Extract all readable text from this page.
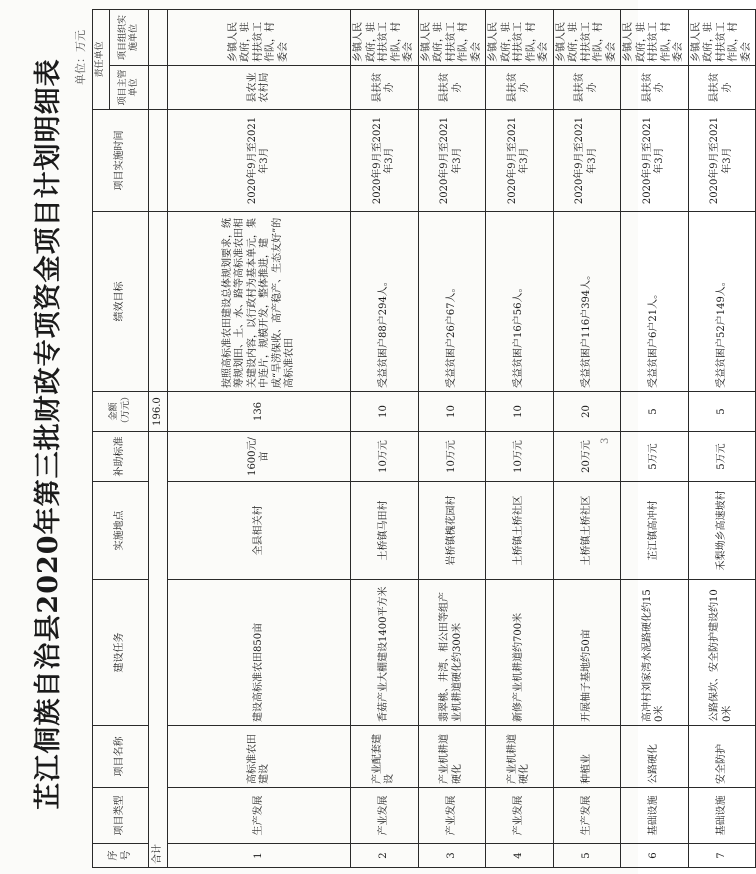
芷江侗族自治县2020年第三批财政专项资金项目计划明细表
单位：万元
序号	项目类型	项目名称	建设任务	实施地点	补助标准	金额（万元）	绩效目标	项目实施时间	责任单位	
									项目主管单位	项目组织实施单位
合计						196.0				
1	生产发展	高标准农田建设	建设高标准农田850亩	全县相关村	1600元/亩	136	按照高标准农田建设总体规划要求，统筹规划田、土、水、路等高标准农田相关建设内容，以行政村为基本单元，集中连片，规模开发，整体推进，建成“旱涝保收、高产稳产、生态友好”的高标准农田	2020年9月至2021年3月	县农业农村局	乡镇人民政府，驻村扶贫工作队，村委会
2	产业发展	产业配套建设	香菇产业大棚建设1400平方米	土桥镇马田村	10万元	10	受益贫困户88户294人。	2020年9月至2021年3月	县扶贫办	乡镇人民政府，驻村扶贫工作队，村委会
3	产业发展	产业机耕道硬化	翡翠桃、井湾、相公田等组产业机耕道硬化约300米	岩桥镇槐花园村	10万元	10	受益贫困户26户67人。	2020年9月至2021年3月	县扶贫办	乡镇人民政府，驻村扶贫工作队，村委会
4	产业发展	产业机耕道硬化	新修产业机耕道约700米	土桥镇土桥社区	10万元	10	受益贫困户16户56人。	2020年9月至2021年3月	县扶贫办	乡镇人民政府，驻村扶贫工作队，村委会
5	生产发展	种植业	开展柚子基地约50亩	土桥镇土桥社区	20万元	20	受益贫困户116户394人。	2020年9月至2021年3月	县扶贫办	乡镇人民政府，驻村扶贫工作队，村委会
6	基础设施	公路硬化	高冲村刘家湾水泥路硬化约150米	芷江镇高冲村	5万元	5	受益贫困户6户21人。	2020年9月至2021年3月	县扶贫办	乡镇人民政府，驻村扶贫工作队，村委会
7	基础设施	安全防护	公路保坎、安全防护建设约100米	禾梨坳乡高速坡村	5万元	5	受益贫困户52户149人。	2020年9月至2021年3月	县扶贫办	乡镇人民政府，驻村扶贫工作队，村委会
3
